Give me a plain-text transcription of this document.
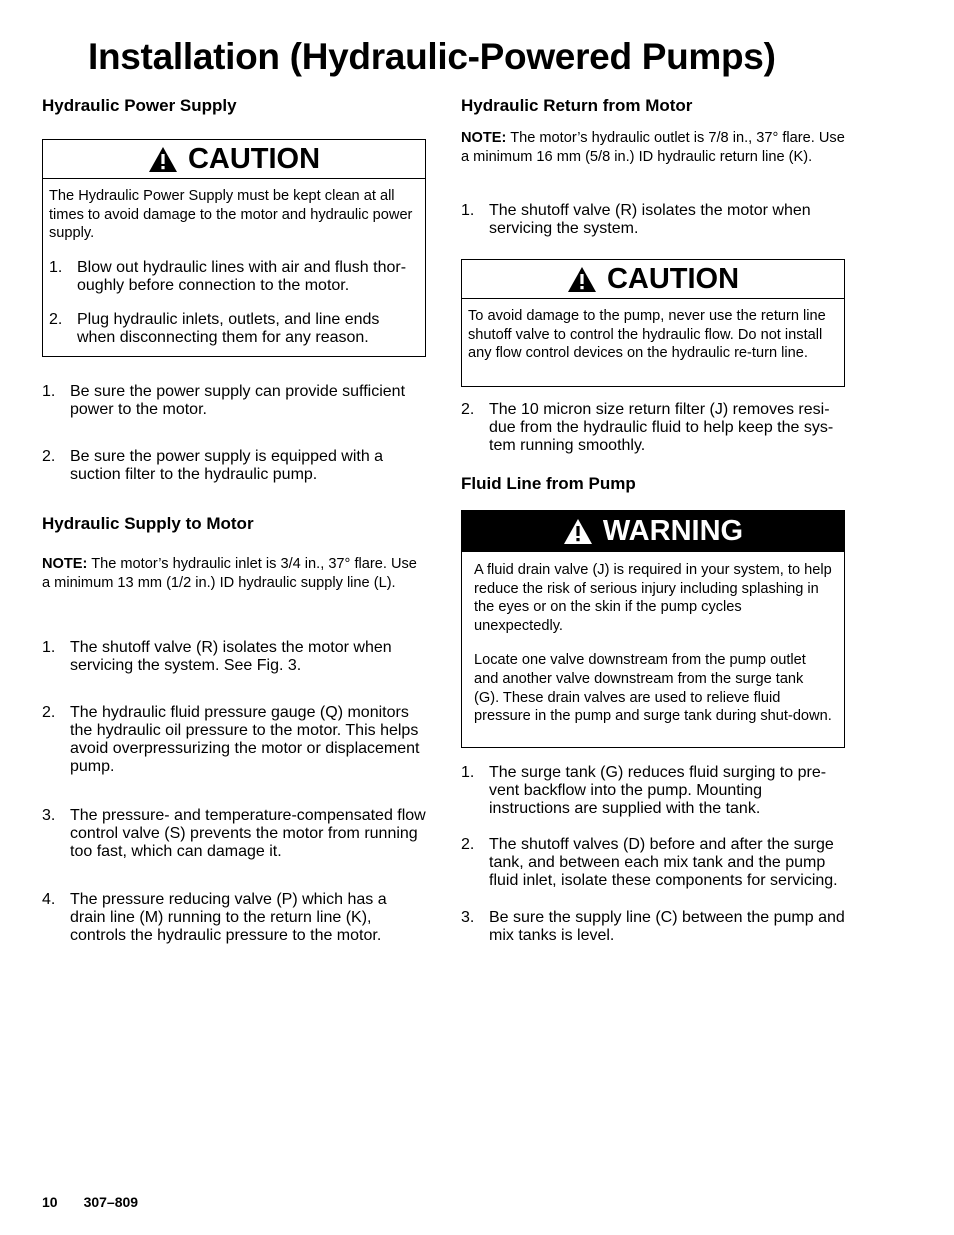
Installation (Hydraulic-Powered Pumps)
Hydraulic Power Supply
CAUTION

The Hydraulic Power Supply must be kept clean at all times to avoid damage to the motor and hydraulic power supply.

1. Blow out hydraulic lines with air and flush thor-oughly before connection to the motor.
2. Plug hydraulic inlets, outlets, and line ends when disconnecting them for any reason.
1. Be sure the power supply can provide sufficient power to the motor.
2. Be sure the power supply is equipped with a suction filter to the hydraulic pump.
Hydraulic Supply to Motor

NOTE: The motor’s hydraulic inlet is 3/4 in., 37° flare. Use a minimum 13 mm (1/2 in.) ID hydraulic supply line (L).

1. The shutoff valve (R) isolates the motor when servicing the system. See Fig. 3.
2. The hydraulic fluid pressure gauge (Q) monitors the hydraulic oil pressure to the motor. This helps avoid overpressurizing the motor or displacement pump.
3. The pressure- and temperature-compensated flow control valve (S) prevents the motor from running too fast, which can damage it.
4. The pressure reducing valve (P) which has a drain line (M) running to the return line (K), controls the hydraulic pressure to the motor.
Hydraulic Return from Motor

NOTE: The motor’s hydraulic outlet is 7/8 in., 37° flare. Use a minimum 16 mm (5/8 in.) ID hydraulic return line (K).

1. The shutoff valve (R) isolates the motor when servicing the system.
CAUTION

To avoid damage to the pump, never use the return line shutoff valve to control the hydraulic flow. Do not install any flow control devices on the hydraulic re-turn line.

2. The 10 micron size return filter (J) removes resi-due from the hydraulic fluid to help keep the sys-tem running smoothly.
Fluid Line from Pump
WARNING

A fluid drain valve (J) is required in your system, to help reduce the risk of serious injury including splashing in the eyes or on the skin if the pump cycles unexpectedly.

Locate one valve downstream from the pump outlet and another valve downstream from the surge tank (G). These drain valves are used to relieve fluid pressure in the pump and surge tank during shut-down.

1. The surge tank (G) reduces fluid surging to pre-vent backflow into the pump. Mounting instructions are supplied with the tank.
2. The shutoff valves (D) before and after the surge tank, and between each mix tank and the pump fluid inlet, isolate these components for servicing.
3. Be sure the supply line (C) between the pump and mix tanks is level.
10 307–809
